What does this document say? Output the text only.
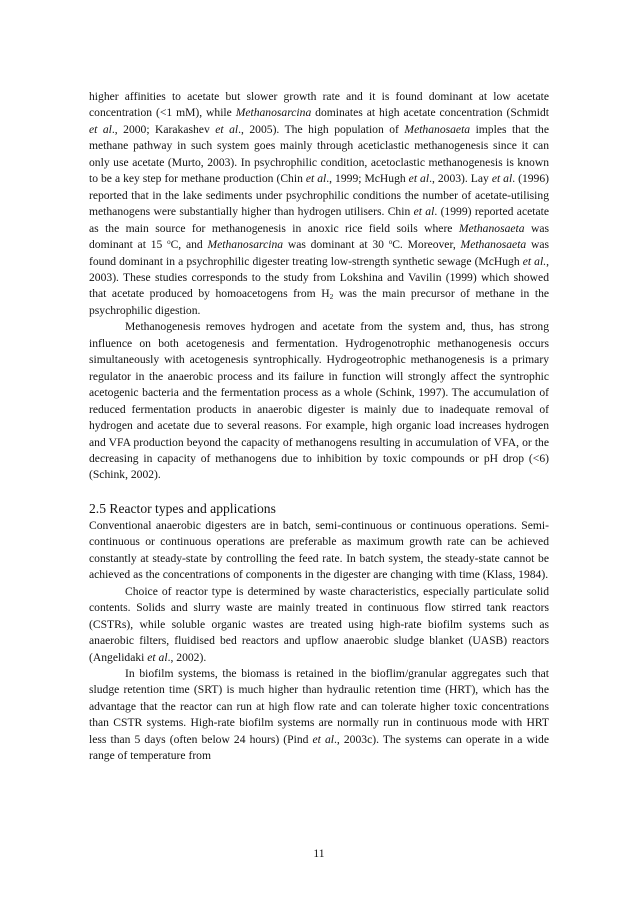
higher affinities to acetate but slower growth rate and it is found dominant at low acetate concentration (<1 mM), while Methanosarcina dominates at high acetate concentration (Schmidt et al., 2000; Karakashev et al., 2005). The high population of Methanosaeta imples that the methane pathway in such system goes mainly through aceticlastic methanogenesis since it can only use acetate (Murto, 2003). In psychrophilic condition, acetoclastic methanogenesis is known to be a key step for methane production (Chin et al., 1999; McHugh et al., 2003). Lay et al. (1996) reported that in the lake sediments under psychrophilic conditions the number of acetate-utilising methanogens were substantially higher than hydrogen utilisers. Chin et al. (1999) reported acetate as the main source for methanogenesis in anoxic rice field soils where Methanosaeta was dominant at 15 $^o$C, and Methanosarcina was dominant at 30 $^o$C. Moreover, Methanosaeta was found dominant in a psychrophilic digester treating low-strength synthetic sewage (McHugh et al., 2003). These studies corresponds to the study from Lokshina and Vavilin (1999) which showed that acetate produced by homoacetogens from $H_2$ was the main precursor of methane in the psychrophilic digestion.

Methanogenesis removes hydrogen and acetate from the system and, thus, has strong influence on both acetogenesis and fermentation. Hydrogenotrophic methanogenesis occurs simultaneously with acetogenesis syntrophically. Hydrogeotrophic methanogenesis is a primary regulator in the anaerobic process and its failure in function will strongly affect the syntrophic acetogenic bacteria and the fermentation process as a whole (Schink, 1997). The accumulation of reduced fermentation products in anaerobic digester is mainly due to inadequate removal of hydrogen and acetate due to several reasons. For example, high organic load increases hydrogen and VFA production beyond the capacity of methanogens resulting in accumulation of VFA, or the decreasing in capacity of methanogens due to inhibition by toxic compounds or pH drop (<6) (Schink, 2002).

2.5 Reactor types and applications

Conventional anaerobic digesters are in batch, semi-continuous or continuous operations. Semi-continuous or continuous operations are preferable as maximum growth rate can be achieved constantly at steady-state by controlling the feed rate. In batch system, the steady-state cannot be achieved as the concentrations of components in the digester are changing with time (Klass, 1984).

Choice of reactor type is determined by waste characteristics, especially particulate solid contents. Solids and slurry waste are mainly treated in continuous flow stirred tank reactors (CSTRs), while soluble organic wastes are treated using high-rate biofilm systems such as anaerobic filters, fluidised bed reactors and upflow anaerobic sludge blanket (UASB) reactors (Angelidaki et al., 2002).

In biofilm systems, the biomass is retained in the bioflim/granular aggregates such that sludge retention time (SRT) is much higher than hydraulic retention time (HRT), which has the advantage that the reactor can run at high flow rate and can tolerate higher toxic concentrations than CSTR systems. High-rate biofilm systems are normally run in continuous mode with HRT less than 5 days (often below 24 hours) (Pind et al., 2003c). The systems can operate in a wide range of temperature from

11
